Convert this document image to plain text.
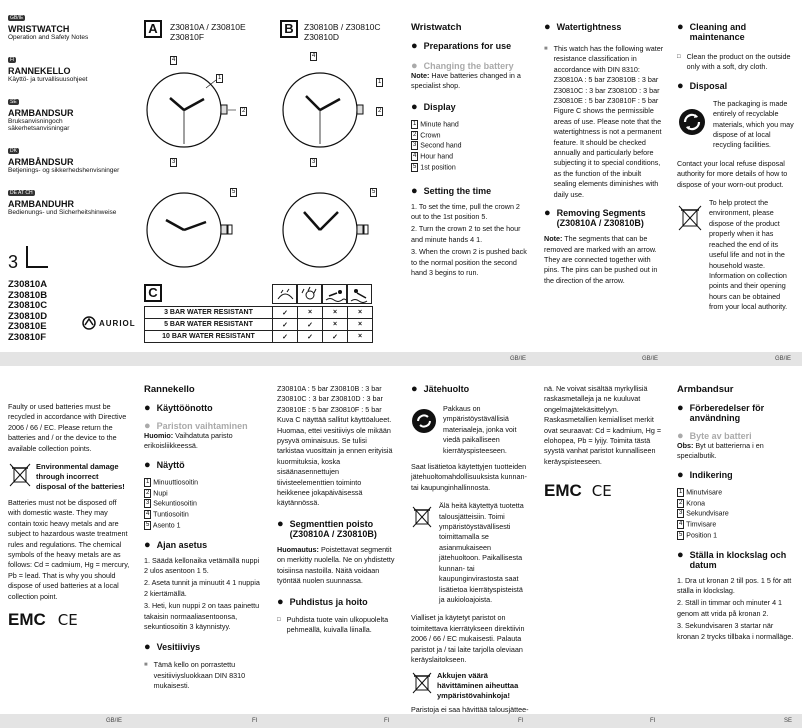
GB/IE
WRISTWATCH
Operation and Safety Notes
FI
RANNEKELLO
Käyttö- ja turvallisuusohjeet
SE
ARMBANDSUR
Bruksanvisningoch säkerhetsanvisningar
DK
ARMBÅNDSUR
Betjenings- og sikkerhedshenvisninger
DE AT CH
ARMBANDUHR
Bedienungs- und Sicherheitshinweise
3
Z30810A
Z30810B
Z30810C
Z30810D
Z30810E
Z30810F
AURIOL
A	Z30810A / Z30810E Z30810F
4
1
2
3
5
B	Z30810B / Z30810C Z30810D
4
1
2
3
5
C
3 BAR WATER RESISTANT	✓	×	×	×
5 BAR WATER RESISTANT	✓	✓	×	×
10 BAR WATER RESISTANT	✓	✓	✓	×
Wristwatch
● Preparations for use
● Changing the battery
Note: Have batteries changed in a specialist shop.
● Display
1 Minute hand
2 Crown
3 Second hand
4 Hour hand
5 1st position
● Setting the time
1. To set the time, pull the crown 2 out to the 1st position 5.
2. Turn the crown 2 to set the hour and minute hands 4 1.
3. When the crown 2 is pushed back to the normal position the second hand 3 begins to run.
● Watertightness
■ This watch has the following water resistance classification in accordance with DIN 8310: Z30810A : 5 bar Z30810B : 3 bar Z30810C : 3 bar Z30810D : 3 bar Z30810E : 5 bar Z30810F : 5 bar Figure C shows the permissible areas of use. Please note that the watertightness is not a permanent feature. It should be checked annually and particularly before subjecting it to special conditions, as the function of the inbuilt sealing elements diminishes with daily use.
● Removing Segments (Z30810A / Z30810B)
Note: The segments that can be removed are marked with an arrow. They are connected together with pins. The pins can be pushed out in the direction of the arrow.
● Cleaning and maintenance
□ Clean the product on the outside only with a soft, dry cloth.
● Disposal
The packaging is made entirely of recyclable materials, which you may dispose of at local recycling facilities.
Contact your local refuse disposal authority for more details of how to dispose of your worn-out product.
To help protect the environment, please dispose of the product properly when it has reached the end of its useful life and not in the household waste. Information on collection points and their opening hours can be obtained from your local authority.
GB/IE	GB/IE	GB/IE
Faulty or used batteries must be recycled in accordance with Directive 2006 / 66 / EC. Please return the batteries and / or the device to the available collection points.
Environmental damage through incorrect disposal of the batteries!
Batteries must not be disposed off with domestic waste. They may contain toxic heavy metals and are subject to hazardous waste treatment rules and regulations. The chemical symbols of the heavy metals are as follows: Cd = cadmium, Hg = mercury, Pb = lead. That is why you should dispose of used batteries at a local collection point.
EMC CE
GB/IE
Rannekello
● Käyttöönotto
● Pariston vaihtaminen
Huomio: Vaihdatuta paristo erikoisliikkeessä.
● Näyttö
1 Minuuttiosoitin
2 Nupi
3 Sekuntiosoitin
4 Tuntiosoitin
5 Asento 1
● Ajan asetus
1. Säädä kellonaika vetämällä nuppi 2 ulos asentoon 1 5.
2. Aseta tunnit ja minuutit 4 1 nuppia 2 kiertämällä.
3. Heti, kun nuppi 2 on taas painettu takaisin normaaliasentoonsa, sekuntiosoitin 3 käynnistyy.
● Vesitiiviys
■ Tämä kello on porrastettu vesitiiviysluokkaan DIN 8310 mukaisesti.
FI
Z30810A : 5 bar Z30810B : 3 bar Z30810C : 3 bar Z30810D : 3 bar Z30810E : 5 bar Z30810F : 5 bar
Kuva C näyttää sallitut käyttöalueet. Huomaa, ettei vesitiiviys ole mikään pysyvä ominaisuus. Se tulisi tarkistaa vuosittain ja ennen erityisiä kuormituksia, koska sisäänasennettujen tiivisteelementtien toiminto heikkenee jokapäiväisessä käytännössä.
● Segmenttien poisto (Z30810A / Z30810B)
Huomautus: Poistettavat segmentit on merkitty nuolella. Ne on yhdistetty toisiinsa nastoilla. Näitä voidaan työntää nuolen suunnassa.
● Puhdistus ja hoito
□ Puhdista tuote vain ulkopuolelta pehmeällä, kuivalla liinalla.
FI
● Jätehuolto
Pakkaus on ympäristöystävällisiä materiaaleja, jonka voit viedä paikalliseen kierrätyspisteeseen.
Saat lisätietoa käytettyjen tuotteiden jätehuoltomahdollisuuksista kunnan- tai kaupunginhallinnosta.
Älä heitä käytettyä tuotetta talousjätteisiin. Toimi ympäristöystävällisesti toimittamalla se asianmukaiseen jätehuoltoon. Paikallisesta kunnan- tai kaupunginvirastosta saat lisätietoa kierrätyspisteistä ja aukioloajoista.
Vialliset ja käytetyt paristot on toimitettava kierrätykseen direktiivin 2006 / 66 / EC mukaisesti. Palauta paristot ja / tai laite tarjolla oleviaan keräyslaitokseen.
Akkujen väärä hävittäminen aiheuttaa ympäristövahinkoja!
Paristoja ei saa hävittää talousjättee-
FI
nä. Ne voivat sisältää myrkyllisiä raskasmetalleja ja ne kuuluvat ongelmajätekäsittelyyn. Raskasmetallien kemialliset merkit ovat seuraavat: Cd = kadmium, Hg = elohopea, Pb = lyijy. Toimita tästä syystä vanhat paristot kunnalliseen keräyspisteeseen.
EMC CE
FI
Armbandsur
● Förberedelser för användning
● Byte av batteri
Obs: Byt ut batterierna i en specialbutik.
● Indikering
1 Minutvisare
2 Krona
3 Sekundvisare
4 Timvisare
5 Position 1
● Ställa in klockslag och datum
1. Dra ut kronan 2 till pos. 1 5 för att ställa in klockslag.
2. Ställ in timmar och minuter 4 1 genom att vrida på kronan 2.
3. Sekundvisaren 3 startar när kronan 2 trycks tillbaka i normalläge.
SE
